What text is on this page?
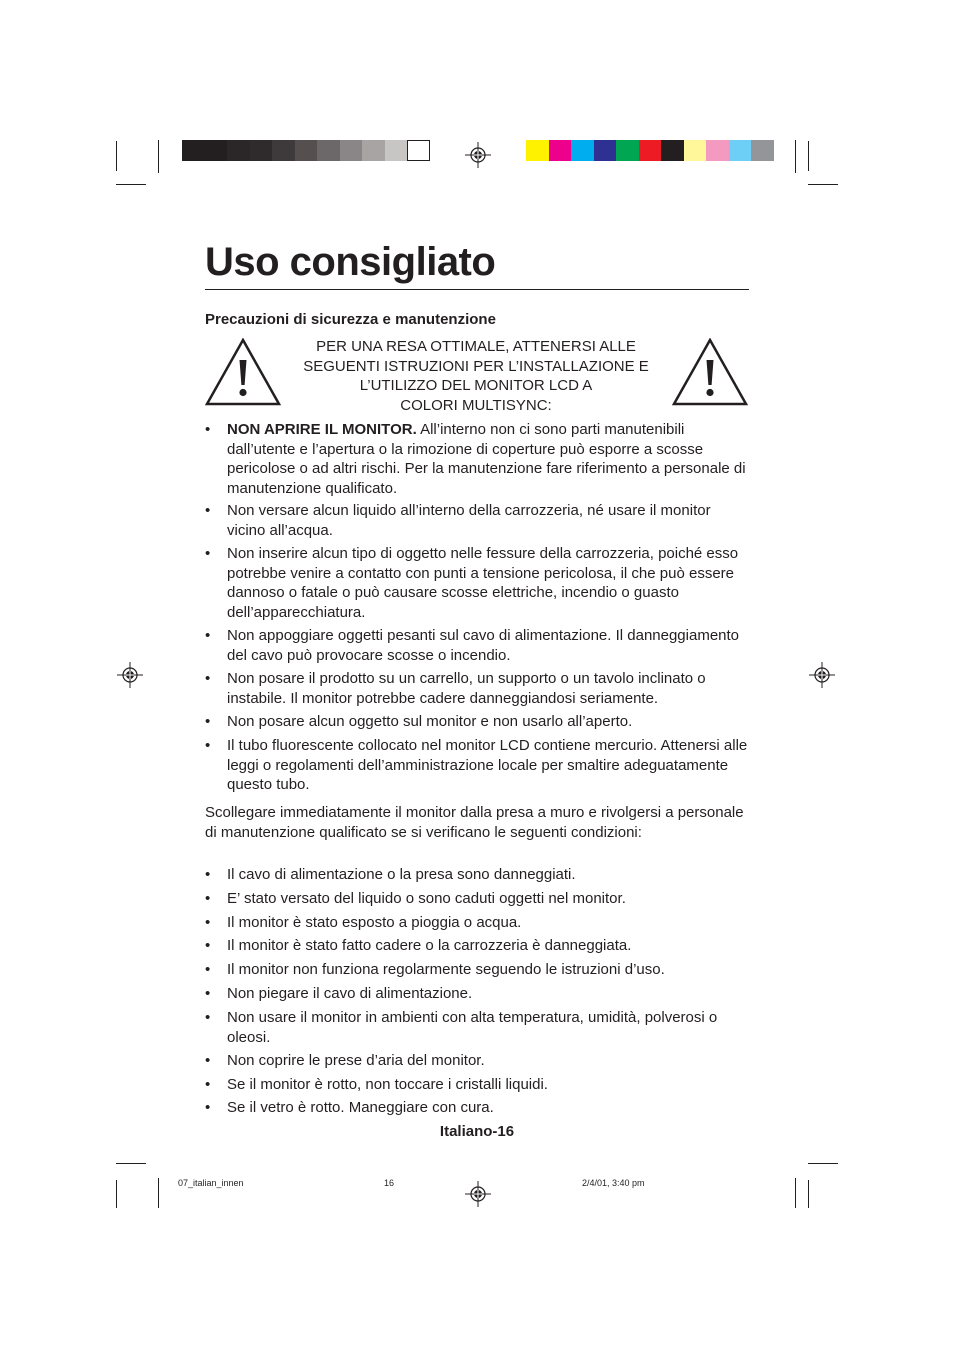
Uso consigliato
Precauzioni di sicurezza e manutenzione
PER UNA RESA OTTIMALE, ATTENERSI ALLE
SEGUENTI ISTRUZIONI PER L’INSTALLAZIONE E
L’UTILIZZO DEL MONITOR LCD A
COLORI MULTISYNC:
•	NON APRIRE IL MONITOR. All’interno non ci sono parti manutenibili dall’utente e l’apertura o la rimozione di coperture può esporre a scosse pericolose o ad altri rischi. Per la manutenzione fare riferimento a personale di manutenzione qualificato.
•	Non versare alcun liquido all’interno della carrozzeria, né usare il monitor vicino all’acqua.
•	Non inserire alcun tipo di oggetto nelle fessure della carrozzeria, poiché esso potrebbe venire a contatto con punti a tensione pericolosa, il che può essere dannoso o fatale o può causare scosse elettriche, incendio o guasto dell’apparecchiatura.
•	Non appoggiare oggetti pesanti sul cavo di alimentazione. Il danneggiamento del cavo può provocare scosse o incendio.
•	Non posare il prodotto su un carrello, un supporto o un tavolo inclinato o instabile. Il monitor potrebbe cadere danneggiandosi seriamente.
•	Non posare alcun oggetto sul monitor e non usarlo all’aperto.
•	Il tubo fluorescente collocato nel monitor LCD contiene mercurio. Attenersi alle leggi o regolamenti dell’amministrazione locale per smaltire adeguatamente questo tubo.
Scollegare immediatamente il monitor dalla presa a muro e rivolgersi a personale di manutenzione qualificato se si verificano le seguenti condizioni:
•	Il cavo di alimentazione o la presa sono danneggiati.
•	E’ stato versato del liquido o sono caduti oggetti nel monitor.
•	Il monitor è stato esposto a pioggia o acqua.
•	Il monitor è stato fatto cadere o la carrozzeria è danneggiata.
•	Il monitor non funziona regolarmente seguendo le istruzioni d’uso.
•	Non piegare il cavo di alimentazione.
•	Non usare il monitor in ambienti con alta temperatura, umidità, polverosi o oleosi.
•	Non coprire le prese d’aria del monitor.
•	Se il monitor è rotto, non toccare i cristalli liquidi.
•	Se il vetro è rotto. Maneggiare con cura.
Italiano-16
07_italian_innen	16	2/4/01, 3:40 pm
